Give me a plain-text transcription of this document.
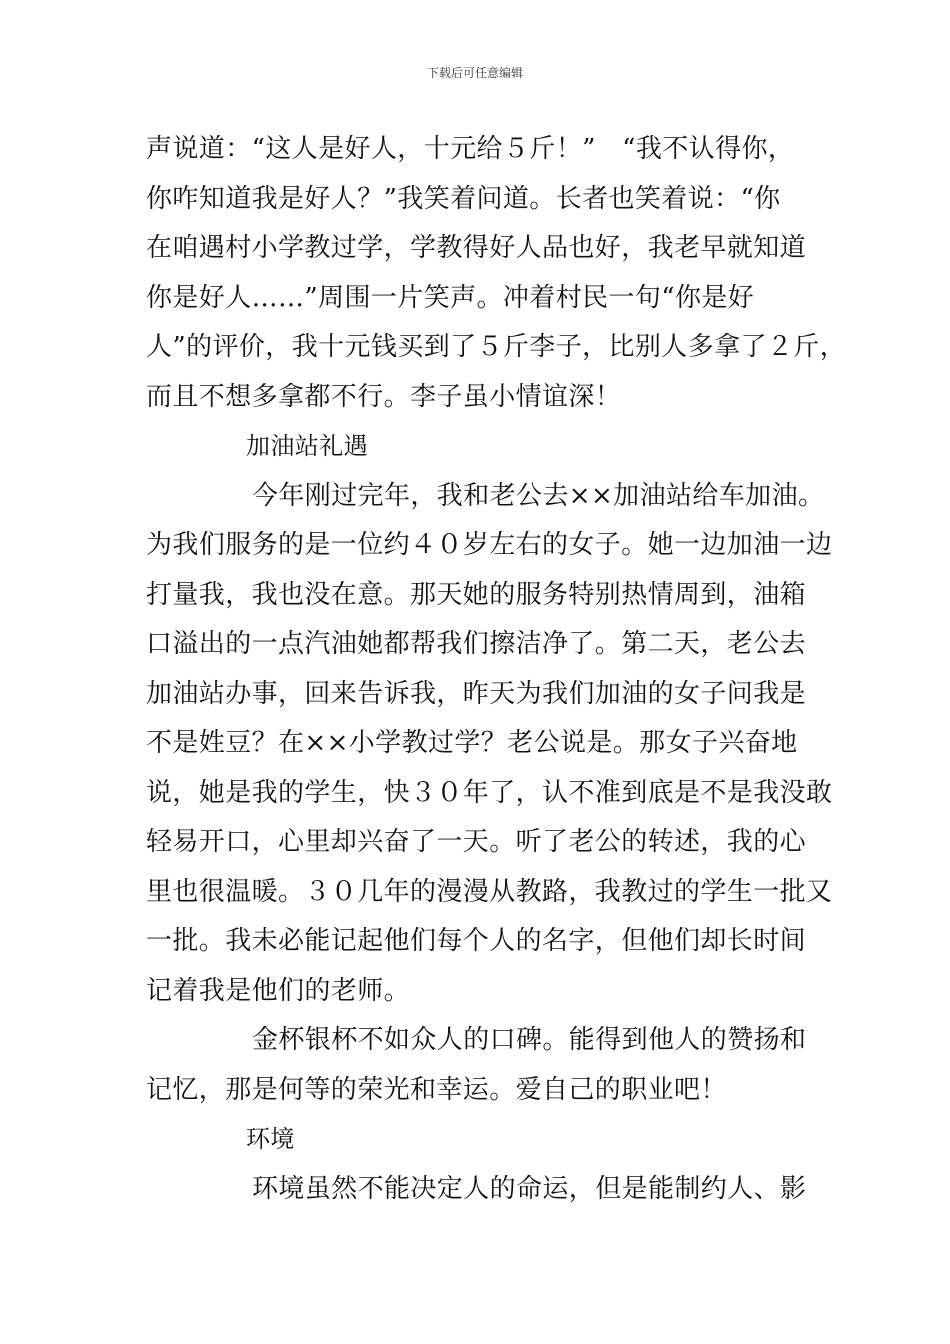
下载后可任意编辑
声说道：“这人是好人，十元给５斤！”　“我不认得你，
你咋知道我是好人？”我笑着问道。长者也笑着说：“你
在咱遇村小学教过学，学教得好人品也好，我老早就知道
你是好人……”周围一片笑声。冲着村民一句“你是好
人”的评价，我十元钱买到了５斤李子，比别人多拿了２斤，
而且不想多拿都不行。李子虽小情谊深！
加油站礼遇
今年刚过完年，我和老公去××加油站给车加油。
为我们服务的是一位约４０岁左右的女子。她一边加油一边
打量我，我也没在意。那天她的服务特别热情周到，油箱
口溢出的一点汽油她都帮我们擦洁净了。第二天，老公去
加油站办事，回来告诉我，昨天为我们加油的女子问我是
不是姓豆？在××小学教过学？老公说是。那女子兴奋地
说，她是我的学生，快３０年了，认不准到底是不是我没敢
轻易开口，心里却兴奋了一天。听了老公的转述，我的心
里也很温暖。３０几年的漫漫从教路，我教过的学生一批又
一批。我未必能记起他们每个人的名字，但他们却长时间
记着我是他们的老师。
金杯银杯不如众人的口碑。能得到他人的赞扬和
记忆，那是何等的荣光和幸运。爱自己的职业吧！
环境
环境虽然不能决定人的命运，但是能制约人、影
